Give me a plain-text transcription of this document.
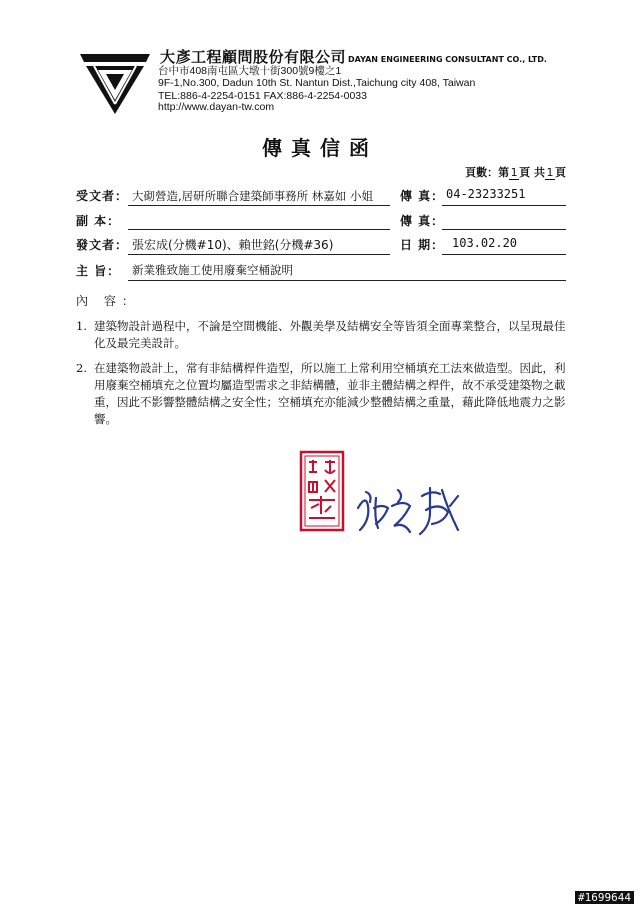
大彥工程顧問股份有限公司 DAYAN ENGINEERING CONSULTANT CO., LTD.
台中市408南屯區大墩十街300號9樓之1
9F-1,No.300, Dadun 10th St. Nantun Dist.,Taichung city 408, Taiwan
TEL:886-4-2254-0151 FAX:886-4-2254-0033
http://www.dayan-tw.com
傳真信函
頁數：第 1 頁 共 1 頁
受文者： 大砌營造,居研所聯合建築師事務所 林嘉如 小姐 傳 真： 04-23233251
副 本：	傳 真：
發文者： 張宏成(分機#10)、賴世銘(分機#36)	日 期： 103.02.20
主 旨： 新業雅致施工使用廢棄空桶說明
內 容：
1. 建築物設計過程中，不論是空間機能、外觀美學及結構安全等皆須全面專業整合，以呈現最佳化及最完美設計。
2. 在建築物設計上，常有非結構桿件造型，所以施工上常利用空桶填充工法來做造型。因此，利用廢棄空桶填充之位置均屬造型需求之非結構體，並非主體結構之桿件，故不承受建築物之載重，因此不影響整體結構之安全性；空桶填充亦能減少整體結構之重量，藉此降低地震力之影響。
#1699644
